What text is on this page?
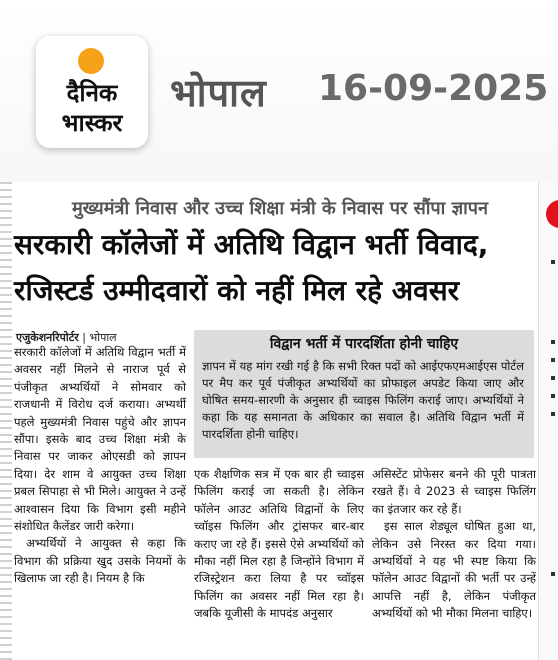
दैनिक
भास्कर
भोपाल 16-09-2025
मुख्यमंत्री निवास और उच्च शिक्षा मंत्री के निवास पर सौंपा ज्ञापन
सरकारी कॉलेजों में अतिथि विद्वान भर्ती विवाद,
रजिस्टर्ड उम्मीदवारों को नहीं मिल रहे अवसर
एजुकेशनरिपोर्टर | भोपाल	विद्वान भर्ती में पारदर्शिता होनी चाहिए
ज्ञापन में यह मांग रखी गई है कि सभी रिक्त पदों को आईएफएमआईएस पोर्टल पर मैप कर पूर्व पंजीकृत अभ्यर्थियों का प्रोफाइल अपडेट किया जाए और घोषित समय-सारणी के अनुसार ही च्वाइस फिलिंग कराई जाए। अभ्यर्थियों ने कहा कि यह समानता के अधिकार का सवाल है। अतिथि विद्वान भर्ती में पारदर्शिता होनी चाहिए।

सरकारी कॉलेजों में अतिथि विद्वान भर्ती में अवसर नहीं मिलने से नाराज पूर्व से पंजीकृत अभ्यर्थियों ने सोमवार को राजधानी में विरोध दर्ज कराया। अभ्यर्थी पहले मुख्यमंत्री निवास पहुंचे और ज्ञापन सौंपा। इसके बाद उच्च शिक्षा मंत्री के निवास पर जाकर ओएसडी को ज्ञापन दिया। देर शाम वे आयुक्त उच्च शिक्षा प्रबल सिपाहा से भी मिले। आयुक्त ने उन्हें आश्वासन दिया कि विभाग इसी महीने संशोधित कैलेंडर जारी करेगा।

अभ्यर्थियों ने आयुक्त से कहा कि विभाग की प्रक्रिया खुद उसके नियमों के खिलाफ जा रही है। नियम है कि

एक शैक्षणिक सत्र में एक बार ही च्वाइस फिलिंग कराई जा सकती है। लेकिन फॉलेन आउट अतिथि विद्वानों के लिए च्वॉइस फिलिंग और ट्रांसफर बार-बार कराए जा रहे हैं। इससे ऐसे अभ्यर्थियों को मौका नहीं मिल रहा है जिन्होंने विभाग में रजिस्ट्रेशन करा लिया है पर च्वॉइस फिलिंग का अवसर नहीं मिल रहा है। जबकि यूजीसी के मापदंड अनुसार

असिस्टेंट प्रोफेसर बनने की पूरी पात्रता रखते हैं। वे 2023 से च्वाइस फिलिंग का इंतजार कर रहे हैं।

इस साल शेड्यूल घोषित हुआ था, लेकिन उसे निरस्त कर दिया गया। अभ्यर्थियों ने यह भी स्पष्ट किया कि फॉलेन आउट विद्वानों की भर्ती पर उन्हें आपत्ति नहीं है, लेकिन पंजीकृत अभ्यर्थियों को भी मौका मिलना चाहिए।
